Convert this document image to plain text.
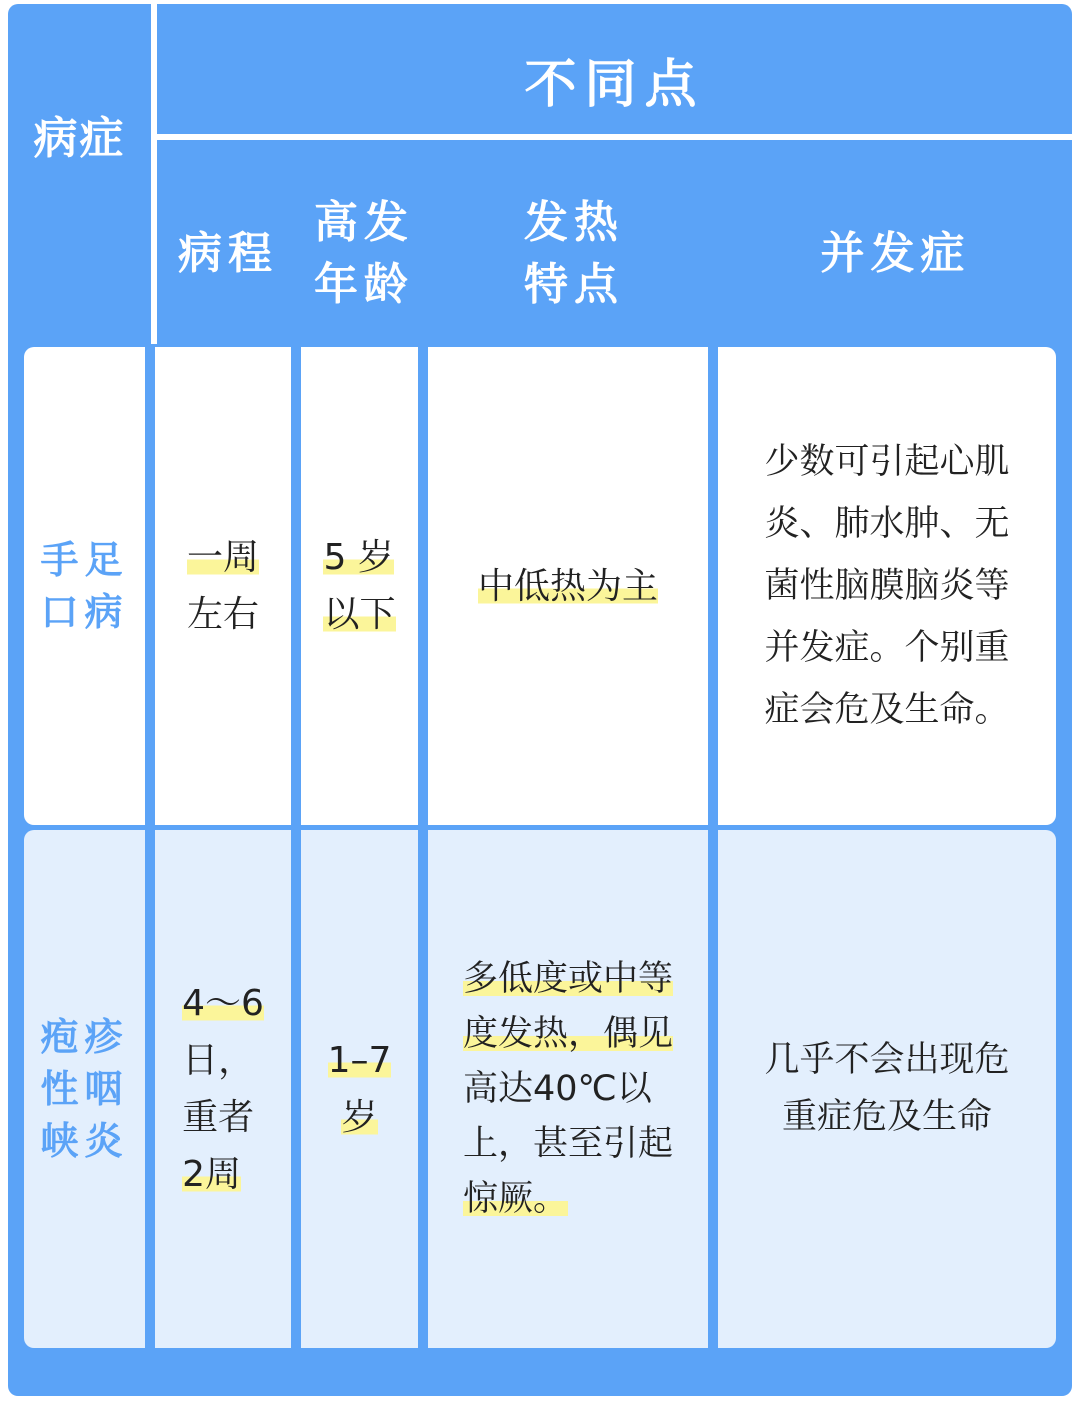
病症
不同点
病程
高发
年龄
发热
特点
并发症
手足
口病
一周
左右
5 岁
以下
中低热为主
少数可引起心肌
炎、肺水肿、无
菌性脑膜脑炎等
并发症。个别重
症会危及生命。
疱疹
性咽
峡炎
4～6
日，
重者
2周
1–7
岁
多低度或中等
度发热，偶见
高达40℃以
上，甚至引起
惊厥。
几乎不会出现危
重症危及生命
